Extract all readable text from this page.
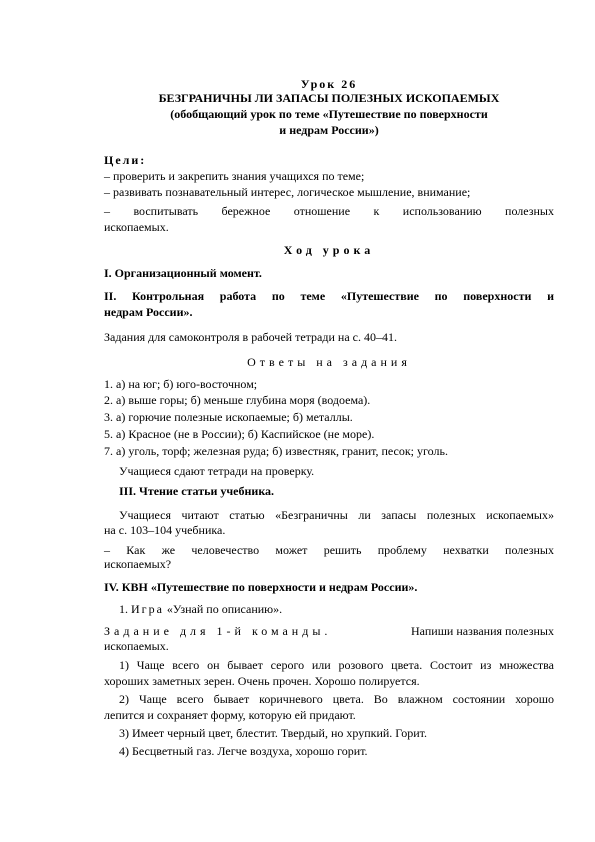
Урок 26
БЕЗГРАНИЧНЫ ЛИ ЗАПАСЫ ПОЛЕЗНЫХ ИСКОПАЕМЫХ
(обобщающий урок по теме «Путешествие по поверхности
и недрам России»)
Цели:
– проверить и закрепить знания учащихся по теме;
– развивать познавательный интерес, логическое мышление, внимание;
– воспитывать бережное отношение к использованию полезных
ископаемых.
Ход урока
I. Организационный момент.
II. Контрольная работа по теме «Путешествие по поверхности и
недрам России».
Задания для самоконтроля в рабочей тетради на с. 40–41.
Ответы на задания
1. а) на юг; б) юго-восточном;
2. а) выше горы; б) меньше глубина моря (водоема).
3. а) горючие полезные ископаемые; б) металлы.
5. а) Красное (не в России); б) Каспийское (не море).
7. а) уголь, торф; железная руда; б) известняк, гранит, песок; уголь.
Учащиеся сдают тетради на проверку.
III. Чтение статьи учебника.
Учащиеся читают статью «Безграничны ли запасы полезных ископаемых»
на с. 103–104 учебника.
– Как же человечество может решить проблему нехватки полезных
ископаемых?
IV. КВН «Путешествие по поверхности и недрам России».
1. Игра «Узнай по описанию».
Задание для 1-й команды.	Напиши названия полезных
ископаемых.
1) Чаще всего он бывает серого или розового цвета. Состоит из множества
хороших заметных зерен. Очень прочен. Хорошо полируется.
2) Чаще всего бывает коричневого цвета. Во влажном состоянии хорошо
лепится и сохраняет форму, которую ей придают.
3) Имеет черный цвет, блестит. Твердый, но хрупкий. Горит.
4) Бесцветный газ. Легче воздуха, хорошо горит.
